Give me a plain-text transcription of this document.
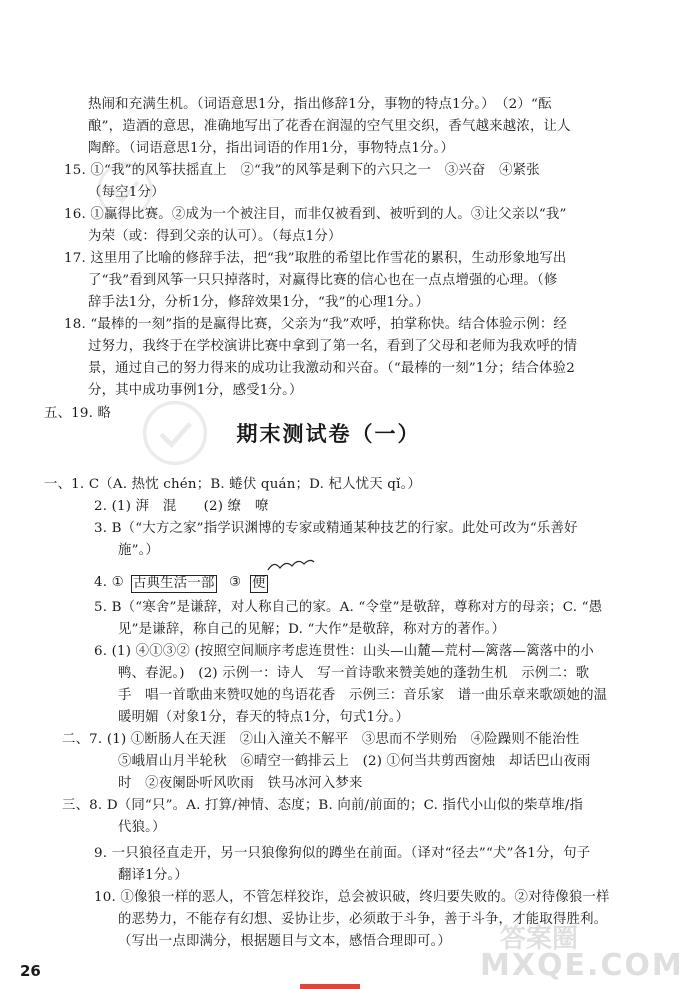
热闹和充满生机。（词语意思1分，指出修辞1分，事物的特点1分。）　（2）“酝
酿”，造酒的意思，准确地写出了花香在润湿的空气里交织，香气越来越浓，让人
陶醉。（词语意思1分，指出词语的作用1分，事物特点1分。）
15. ①“我”的风筝扶摇直上　②“我”的风筝是剩下的六只之一　③兴奋　④紧张
（每空1分）
16. ①赢得比赛。②成为一个被注目，而非仅被看到、被听到的人。③让父亲以“我”
为荣（或：得到父亲的认可）。（每点1分）
17. 这里用了比喻的修辞手法，把“我”取胜的希望比作雪花的累积，生动形象地写出
了“我”看到风筝一只只掉落时，对赢得比赛的信心也在一点点增强的心理。（修
辞手法1分，分析1分，修辞效果1分，“我”的心理1分。）
18. “最棒的一刻”指的是赢得比赛，父亲为“我”欢呼，拍掌称快。结合体验示例：经
过努力，我终于在学校演讲比赛中拿到了第一名，看到了父母和老师为我欢呼的情
景，通过自己的努力得来的成功让我激动和兴奋。（“最棒的一刻”1分；结合体验2
分，其中成功事例1分，感受1分。）
五、19. 略
一、1. C（A. 热忱 chén；B. 蜷伏 quán；D. 杞人忧天 qǐ。）
2. (1) 湃　混　　(2) 缭　嘹
3. B（“大方之家”指学识渊博的专家或精通某种技艺的行家。此处可改为“乐善好
施”。）
4. ① 古典生活一部 ③ 便
5. B（“寒舍”是谦辞，对人称自己的家。A. “令堂”是敬辞，尊称对方的母亲；C. “愚
见”是谦辞，称自己的见解；D. “大作”是敬辞，称对方的著作。）
6. (1) ④①③② (按照空间顺序考虑连贯性：山头—山麓—荒村—篱落—篱落中的小
鸭、春泥。)　(2) 示例一：诗人　写一首诗歌来赞美她的蓬勃生机　示例二：歌
手　唱一首歌曲来赞叹她的鸟语花香　示例三：音乐家　谱一曲乐章来歌颂她的温
暖明媚（对象1分，春天的特点1分，句式1分。）
二、7. (1) ①断肠人在天涯　②山入潼关不解平　③思而不学则殆　④险躁则不能治性
⑤峨眉山月半轮秋　⑥晴空一鹤排云上　(2) ①何当共剪西窗烛　却话巴山夜雨
时　②夜阑卧听风吹雨　铁马冰河入梦来
三、8. D（同“只”。A. 打算/神情、态度；B. 向前/前面的；C. 指代小山似的柴草堆/指
代狼。）
9. 一只狼径直走开，另一只狼像狗似的蹲坐在前面。（译对“径去”“犬”各1分，句子
翻译1分。）
10. ①像狼一样的恶人，不管怎样狡诈，总会被识破，终归要失败的。②对待像狼一样
的恶势力，不能存有幻想、妥协让步，必须敢于斗争，善于斗争，才能取得胜利。
（写出一点即满分，根据题目与文本，感悟合理即可。）
期末测试卷（一）
26
答案圈
MXQE.COM
